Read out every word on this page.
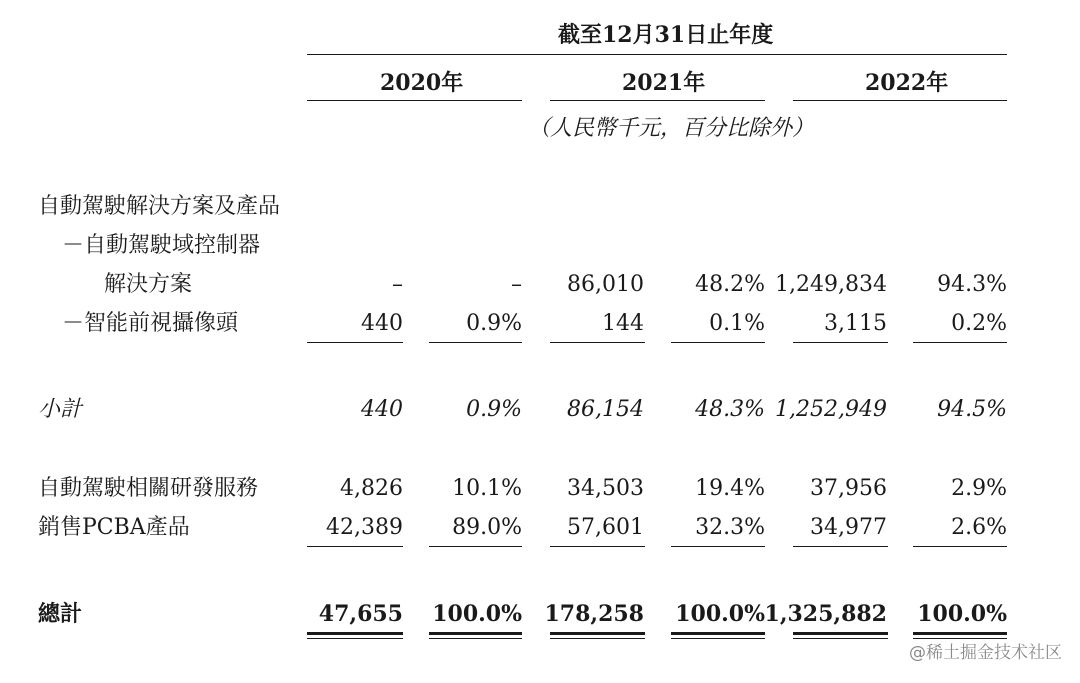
截至12月31日止年度
2020年	2021年	2022年
（人民幣千元，百分比除外）
自動駕駛解決方案及產品
－自動駕駛域控制器
解決方案	–	– 86,010 48.2% 1,249,834 94.3%
－智能前視攝像頭	440	0.9%	144	0.1%	3,115	0.2%
小計	440	0.9% 86,154 48.3% 1,252,949 94.5%
自動駕駛相關研發服務	4,826 10.1% 34,503 19.4% 37,956	2.9%
銷售PCBA產品	42,389 89.0% 57,601 32.3% 34,977	2.6%
總計	47,655 100.0% 178,258 100.0% 1,325,882 100.0%
@稀土掘金技术社区
